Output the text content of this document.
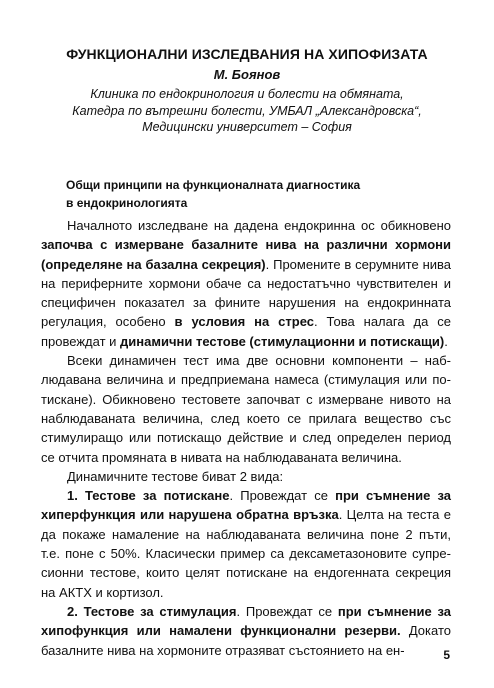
ФУНКЦИОНАЛНИ ИЗСЛЕДВАНИЯ НА ХИПОФИЗАТА
М. Боянов
Клиника по ендокринология и болести на обмяната,
Катедра по вътрешни болести, УМБАЛ „Александровска“,
Медицински университет – София
Общи принципи на функционалната диагностика
в ендокринологията

Началното изследване на дадена ендокринна ос обикновено започва с измерване базалните нива на различни хормони (определяне на базална секреция). Промените в серумните нива на периферните хормони обаче са недостатъчно чувствителен и специфичен показател за фините нарушения на ендокринната регулация, особено в условия на стрес. Това налага да се провеждат и динамични тестове (стимулационни и потискащи).

Всеки динамичен тест има две основни компоненти – наблюдавана величина и предприемана намеса (стимулация или потискане). Обикновено тестовете започват с измерване нивото на наблюдаваната величина, след което се прилага вещество със стимулиращо или потискащо действие и след определен период се отчита промяната в нивата на наблюдаваната величина.

Динамичните тестове биват 2 вида:

1. Тестове за потискане. Провеждат се при съмнение за хиперфункция или нарушена обратна връзка. Целта на теста е да покаже намаление на наблюдаваната величина поне 2 пъти, т.е. поне с 50%. Класически пример са дексаметазоновите супресионни тестове, които целят потискане на ендогенната секреция на АКТХ и кортизол.

2. Тестове за стимулация. Провеждат се при съмнение за хипофункция или намалени функционални резерви. Докато базалните нива на хормоните отразяват състоянието на ен-	5
